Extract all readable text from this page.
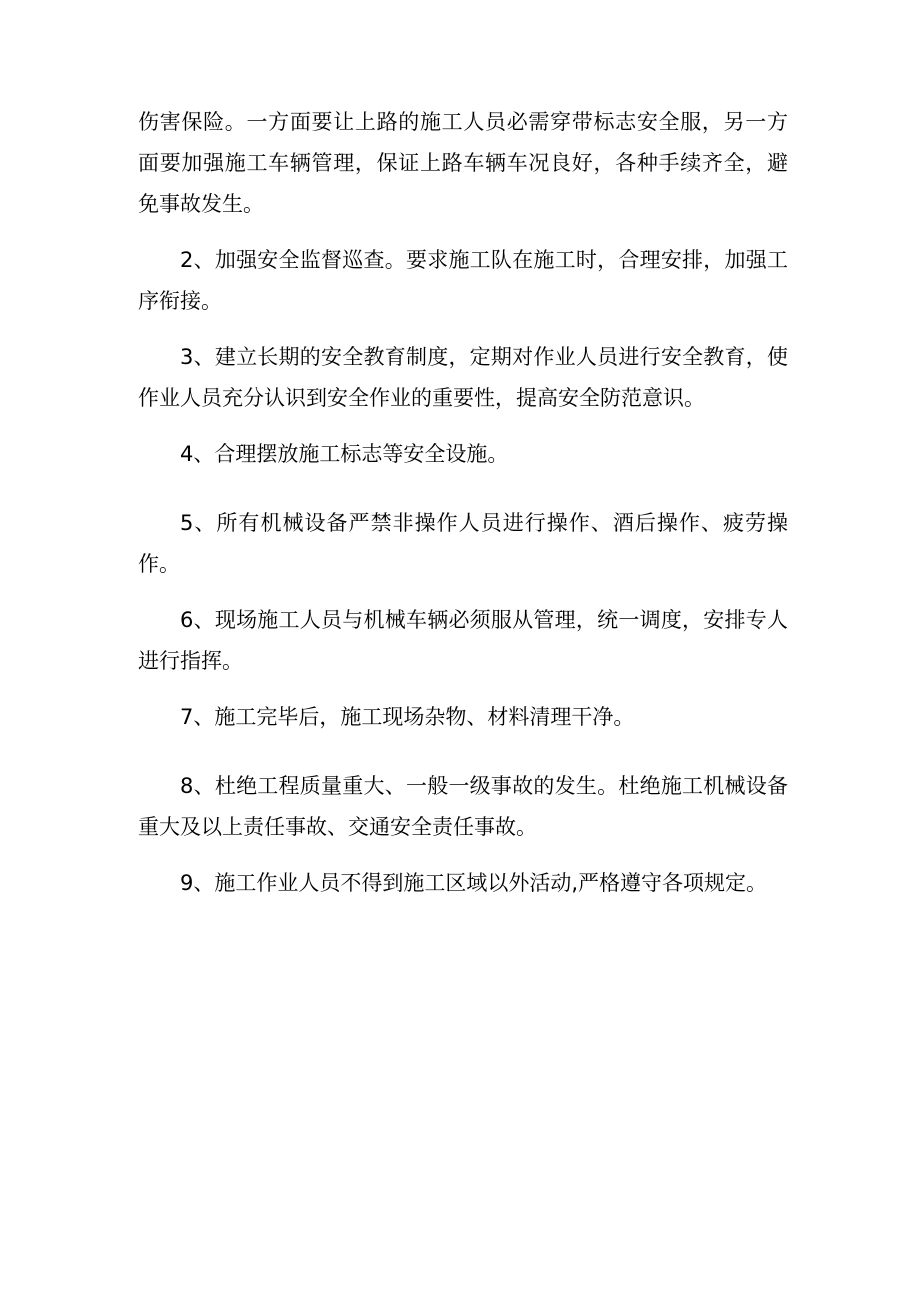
伤害保险。一方面要让上路的施工人员必需穿带标志安全服，另一方面要加强施工车辆管理，保证上路车辆车况良好，各种手续齐全，避免事故发生。

2、加强安全监督巡查。要求施工队在施工时，合理安排，加强工序衔接。

3、建立长期的安全教育制度，定期对作业人员进行安全教育，使作业人员充分认识到安全作业的重要性，提高安全防范意识。

4、合理摆放施工标志等安全设施。

5、所有机械设备严禁非操作人员进行操作、酒后操作、疲劳操作。

6、现场施工人员与机械车辆必须服从管理，统一调度，安排专人进行指挥。

7、施工完毕后，施工现场杂物、材料清理干净。

8、杜绝工程质量重大、一般一级事故的发生。杜绝施工机械设备重大及以上责任事故、交通安全责任事故。

9、施工作业人员不得到施工区域以外活动,严格遵守各项规定。
